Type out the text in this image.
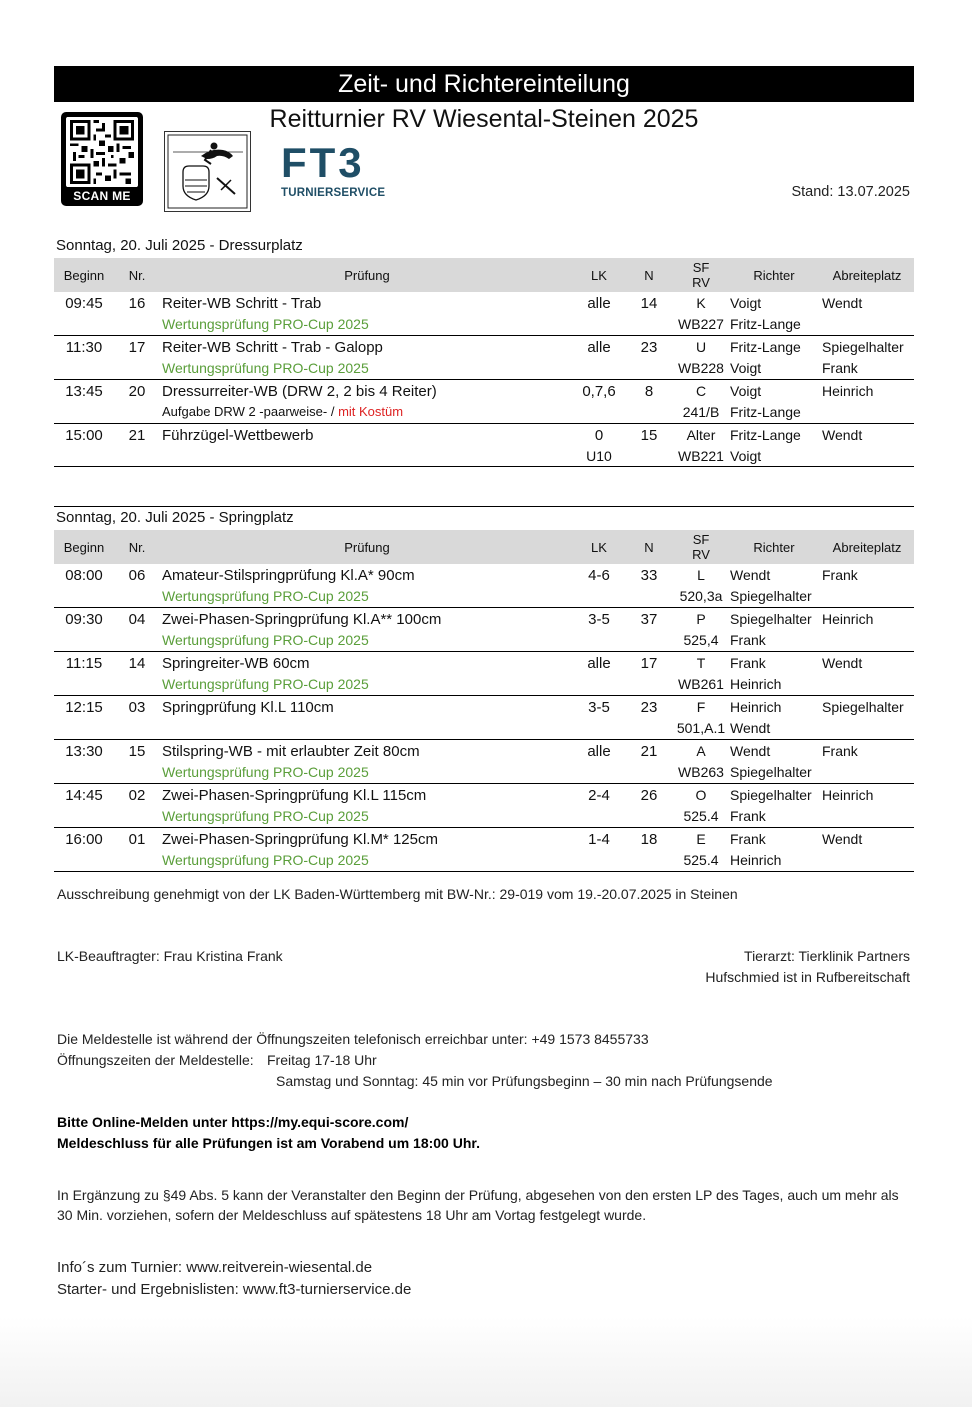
Zeit- und Richtereinteilung
Reitturnier RV Wiesental-Steinen 2025
SCAN ME
FT3
TURNIERSERVICE	Stand: 13.07.2025
Sonntag, 20. Juli 2025 - Dressurplatz
Beginn	Nr.	Prüfung	LK	N	SF
RV	Richter	Abreiteplatz
09:45	16	Reiter-WB Schritt - Trab	alle	14	K	Voigt	Wendt
		Wertungsprüfung PRO-Cup 2025			WB227	Fritz-Lange	
11:30	17	Reiter-WB Schritt - Trab - Galopp	alle	23	U	Fritz-Lange	Spiegelhalter
		Wertungsprüfung PRO-Cup 2025			WB228	Voigt	Frank
13:45	20	Dressurreiter-WB (DRW 2, 2 bis 4 Reiter)	0,7,6	8	C	Voigt	Heinrich
		Aufgabe DRW 2 -paarweise- / mit Kostüm			241/B	Fritz-Lange	
15:00	21	Führzügel-Wettbewerb	0	15	Alter	Fritz-Lange	Wendt
			U10		WB221	Voigt	
Sonntag, 20. Juli 2025 - Springplatz
Beginn	Nr.	Prüfung	LK	N	SF
RV	Richter	Abreiteplatz
08:00	06	Amateur-Stilspringprüfung Kl.A* 90cm	4-6	33	L	Wendt	Frank
		Wertungsprüfung PRO-Cup 2025			520,3a	Spiegelhalter	
09:30	04	Zwei-Phasen-Springprüfung Kl.A** 100cm	3-5	37	P	Spiegelhalter	Heinrich
		Wertungsprüfung PRO-Cup 2025			525,4	Frank	
11:15	14	Springreiter-WB 60cm	alle	17	T	Frank	Wendt
		Wertungsprüfung PRO-Cup 2025			WB261	Heinrich	
12:15	03	Springprüfung Kl.L 110cm	3-5	23	F	Heinrich	Spiegelhalter
					501,A.1	Wendt	
13:30	15	Stilspring-WB - mit erlaubter Zeit 80cm	alle	21	A	Wendt	Frank
		Wertungsprüfung PRO-Cup 2025			WB263	Spiegelhalter	
14:45	02	Zwei-Phasen-Springprüfung Kl.L 115cm	2-4	26	O	Spiegelhalter	Heinrich
		Wertungsprüfung PRO-Cup 2025			525.4	Frank	
16:00	01	Zwei-Phasen-Springprüfung Kl.M* 125cm	1-4	18	E	Frank	Wendt
		Wertungsprüfung PRO-Cup 2025			525.4	Heinrich	
Ausschreibung genehmigt von der LK Baden-Württemberg mit BW-Nr.: 29-019 vom 19.-20.07.2025 in Steinen
LK-Beauftragter: Frau Kristina Frank	Tierarzt: Tierklinik Partners
Hufschmied ist in Rufbereitschaft
Die Meldestelle ist während der Öffnungszeiten telefonisch erreichbar unter: +49 1573 8455733
Öffnungszeiten der Meldestelle: Freitag 17-18 Uhr
Samstag und Sonntag: 45 min vor Prüfungsbeginn – 30 min nach Prüfungsende
Bitte Online-Melden unter https://my.equi-score.com/
Meldeschluss für alle Prüfungen ist am Vorabend um 18:00 Uhr.
In Ergänzung zu §49 Abs. 5 kann der Veranstalter den Beginn der Prüfung, abgesehen von den ersten LP des Tages, auch um mehr als
30 Min. vorziehen, sofern der Meldeschluss auf spätestens 18 Uhr am Vortag festgelegt wurde.
Info´s zum Turnier: www.reitverein-wiesental.de
Starter- und Ergebnislisten: www.ft3-turnierservice.de
